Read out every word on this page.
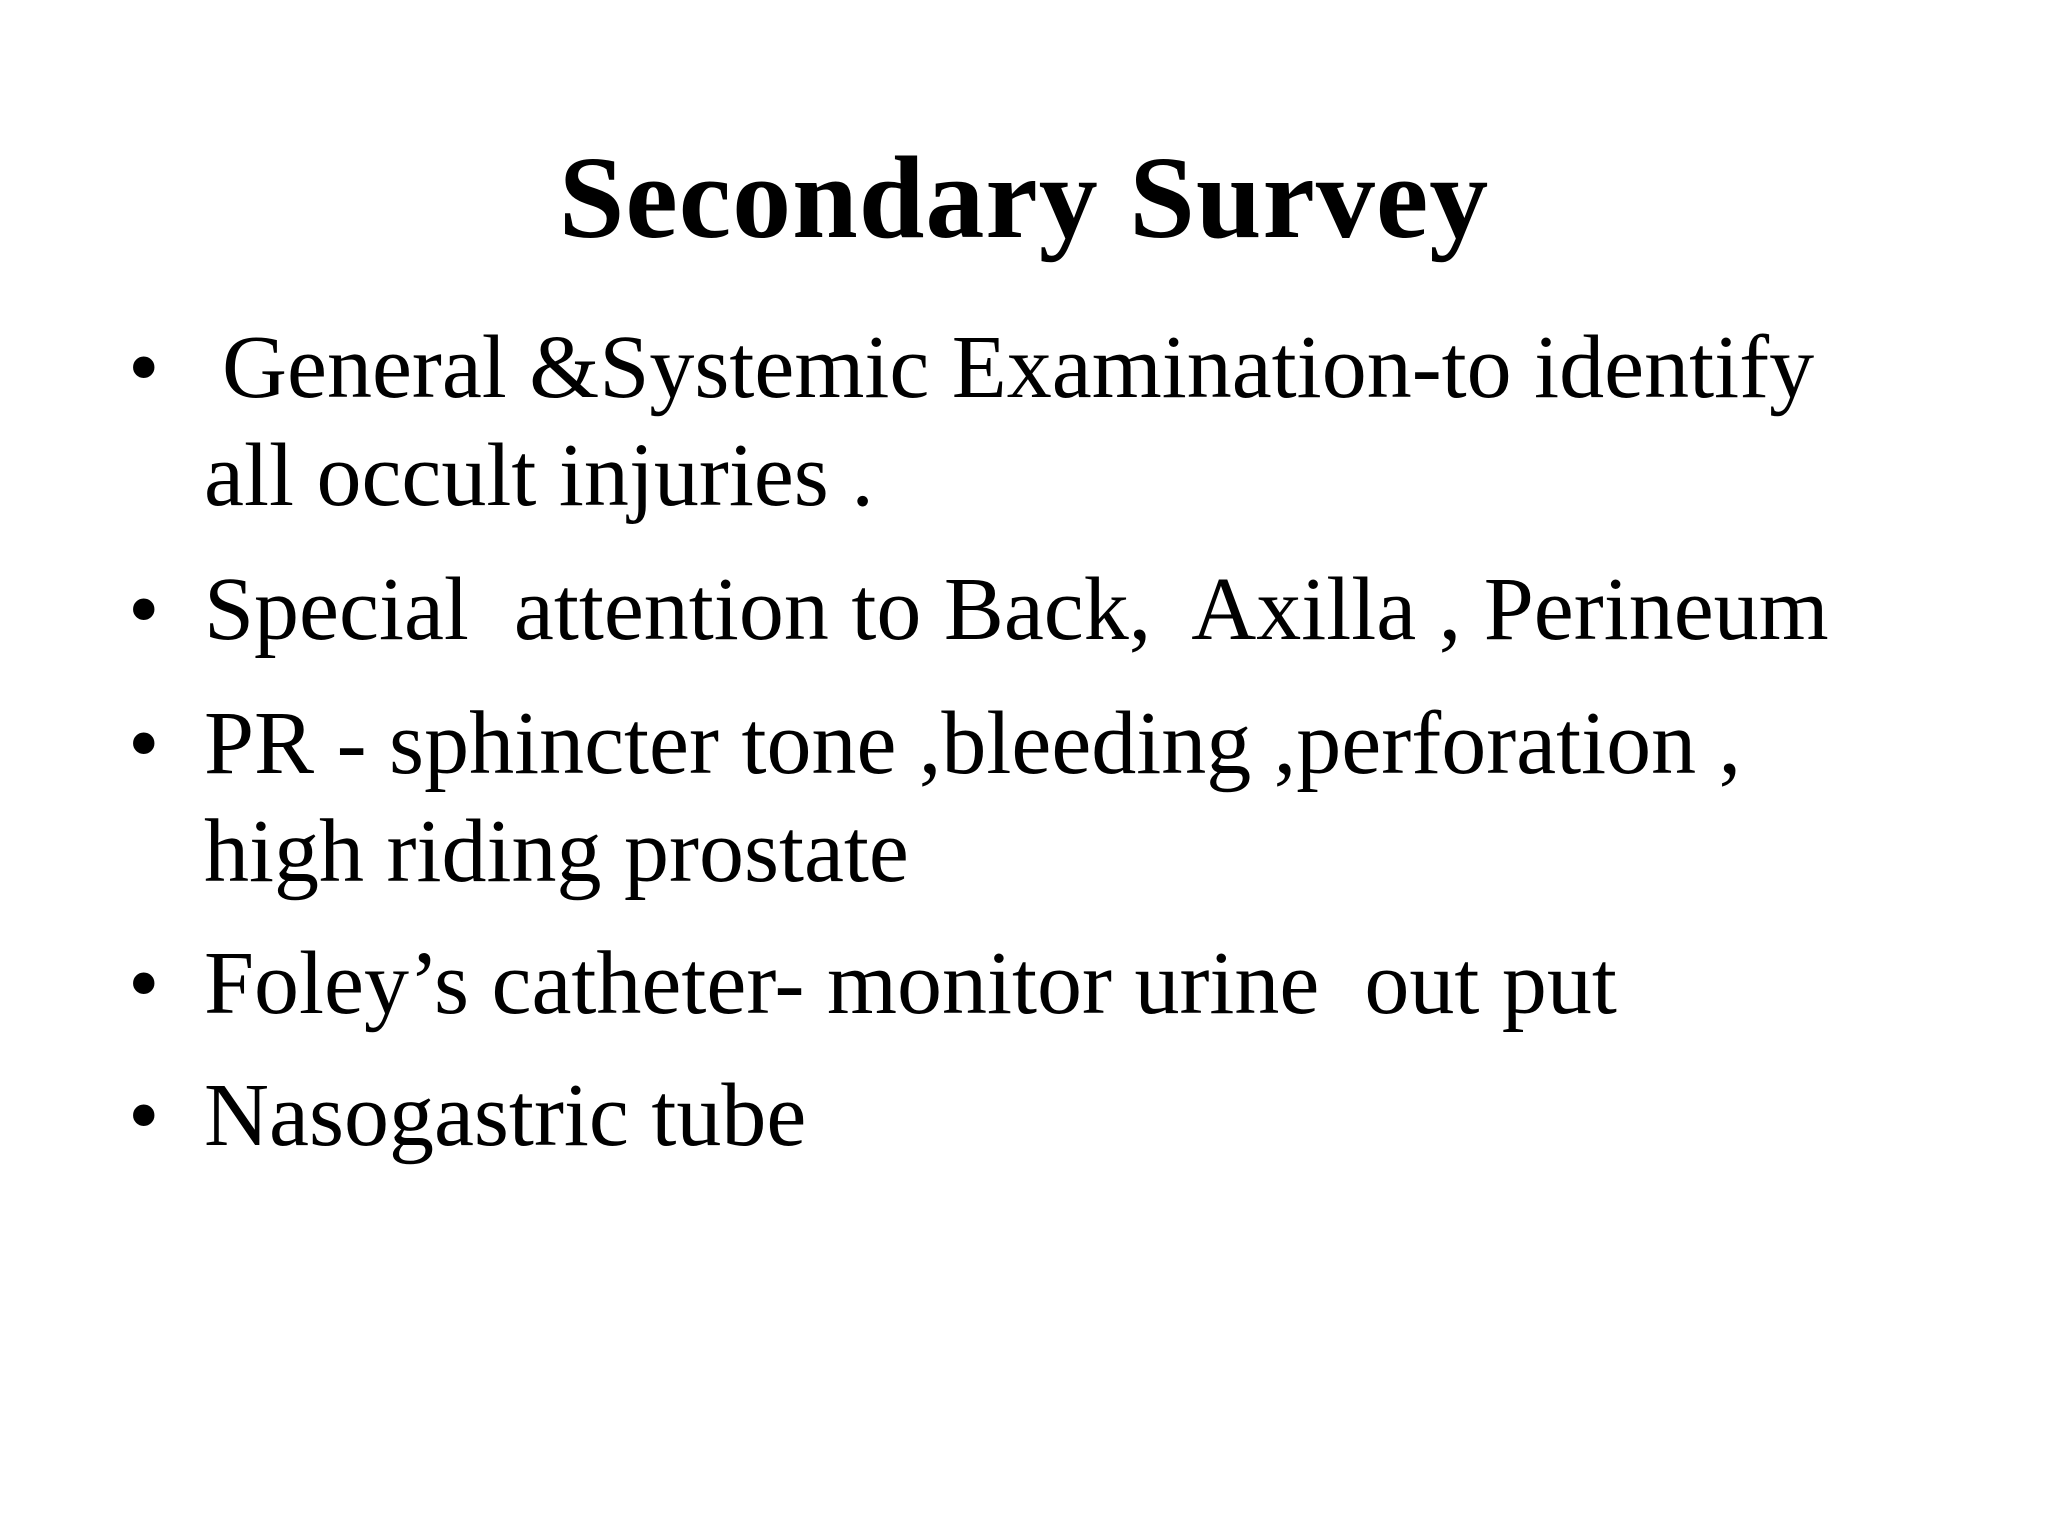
Secondary Survey
• General &Systemic Examination-to identify
all occult injuries .
• Special  attention to Back,  Axilla , Perineum
• PR - sphincter tone ,bleeding ,perforation ,
high riding prostate
• Foley’s catheter- monitor urine  out put
• Nasogastric tube
